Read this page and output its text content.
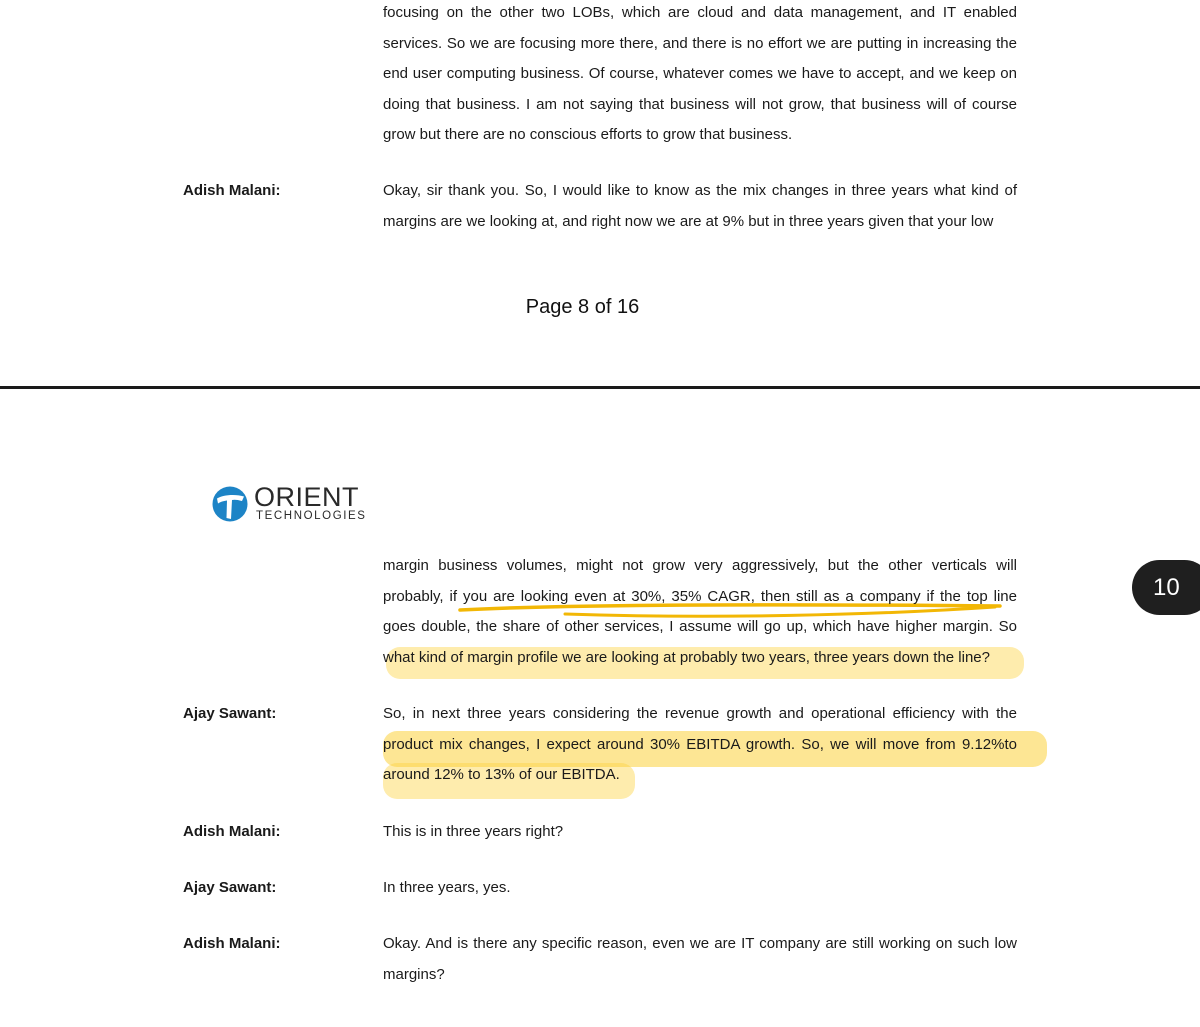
focusing on the other two LOBs, which are cloud and data management, and IT enabled services. So we are focusing more there, and there is no effort we are putting in increasing the end user computing business. Of course, whatever comes we have to accept, and we keep on doing that business. I am not saying that business will not grow, that business will of course grow but there are no conscious efforts to grow that business.

Adish Malani:	Okay, sir thank you. So, I would like to know as the mix changes in three years what kind of margins are we looking at, and right now we are at 9% but in three years given that your low

Page 8 of 16
ORIENT
TECHNOLOGIES
10

margin business volumes, might not grow very aggressively, but the other verticals will probably, if you are looking even at 30%, 35% CAGR, then still as a company if the top line goes double, the share of other services, I assume will go up, which have higher margin. So what kind of margin profile we are looking at probably two years, three years down the line?

Ajay Sawant:	So, in next three years considering the revenue growth and operational efficiency with the product mix changes, I expect around 30% EBITDA growth. So, we will move from 9.12%to around 12% to 13% of our EBITDA.

Adish Malani:	This is in three years right?

Ajay Sawant:	In three years, yes.

Adish Malani:	Okay. And is there any specific reason, even we are IT company are still working on such low margins?
